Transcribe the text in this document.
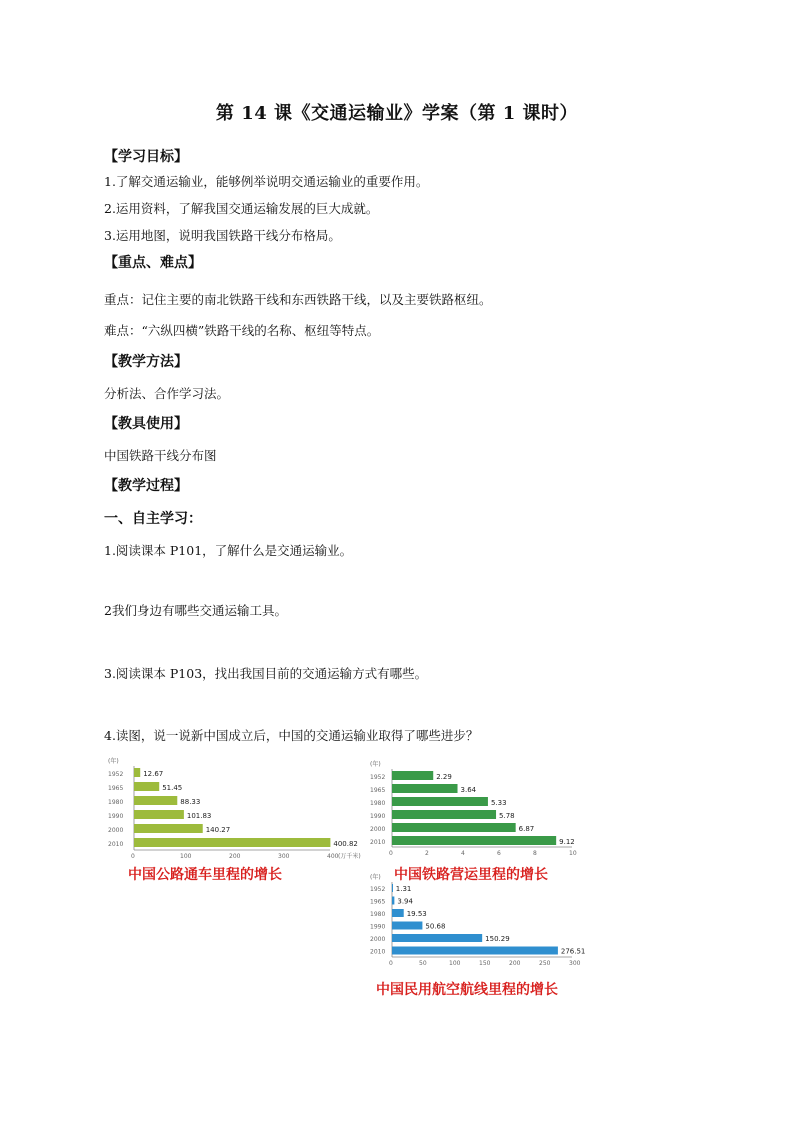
第 14 课《交通运输业》学案（第 1 课时）
【学习目标】
1.了解交通运输业，能够例举说明交通运输业的重要作用。
2.运用资料，了解我国交通运输发展的巨大成就。
3.运用地图，说明我国铁路干线分布格局。
【重点、难点】
重点：记住主要的南北铁路干线和东西铁路干线，以及主要铁路枢纽。
难点：“六纵四横”铁路干线的名称、枢纽等特点。
【教学方法】
分析法、合作学习法。
【教具使用】
中国铁路干线分布图
【教学过程】
一、自主学习：
1.阅读课本 P101，了解什么是交通运输业。
2我们身边有哪些交通运输工具。
3.阅读课本 P103，找出我国目前的交通运输方式有哪些。
4.读图，说一说新中国成立后，中国的交通运输业取得了哪些进步？
(年)
1952	12.67
1965	51.45
1980	88.33
1990	101.83
2000	140.27
2010	400.82
0	100	200	300	400 (万千米)
中国公路通车里程的增长
(年)
1952	2.29
1965	3.64
1980	5.33
1990	5.78
2000	6.87
2010	9.12
0	2	4	6	8	10
中国铁路营运里程的增长
(年)
1952 1.31
1965 3.94
1980	19.53
1990	50.68
2000	150.29
2010	276.51
0	50	100	150	200	250	300
中国民用航空航线里程的增长
